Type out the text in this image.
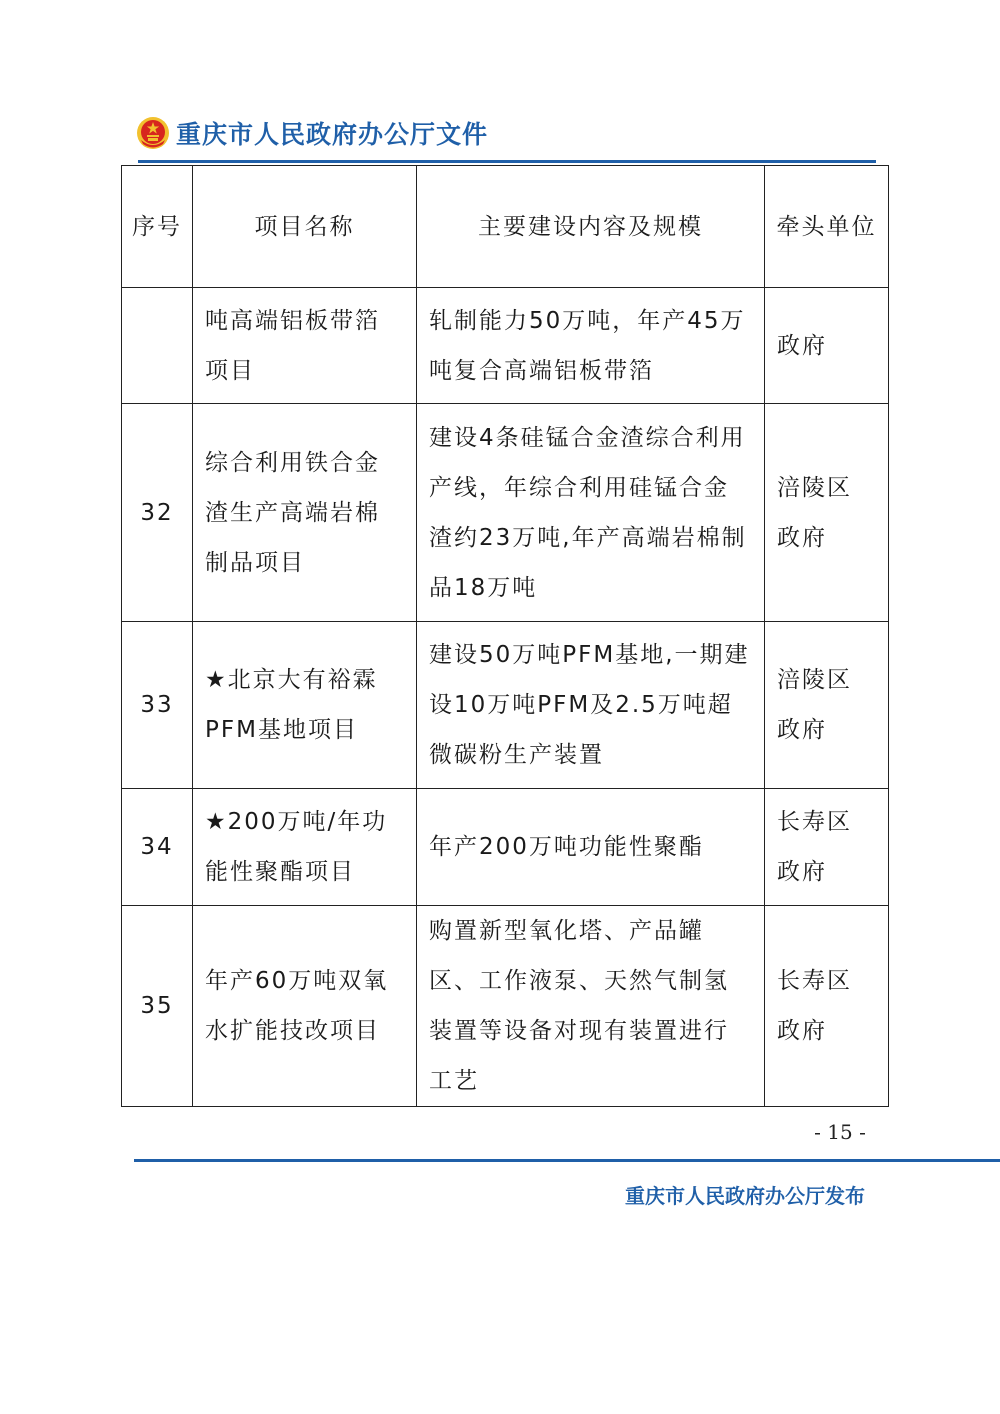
重庆市人民政府办公厅文件
序号	项目名称	主要建设内容及规模	牵头单位
	吨高端铝板带箔项目	轧制能力50万吨，年产45万吨复合高端铝板带箔	政府
32	综合利用铁合金渣生产高端岩棉制品项目	建设4条硅锰合金渣综合利用产线，年综合利用硅锰合金渣约23万吨,年产高端岩棉制品18万吨	涪陵区政府
33	★北京大有裕霖PFM基地项目	建设50万吨PFM基地,一期建设10万吨PFM及2.5万吨超微碳粉生产装置	涪陵区政府
34	★200万吨/年功能性聚酯项目	年产200万吨功能性聚酯	长寿区政府
35	年产60万吨双氧水扩能技改项目	购置新型氧化塔、产品罐区、工作液泵、天然气制氢装置等设备对现有装置进行工艺	长寿区政府
- 15 -
重庆市人民政府办公厅发布
